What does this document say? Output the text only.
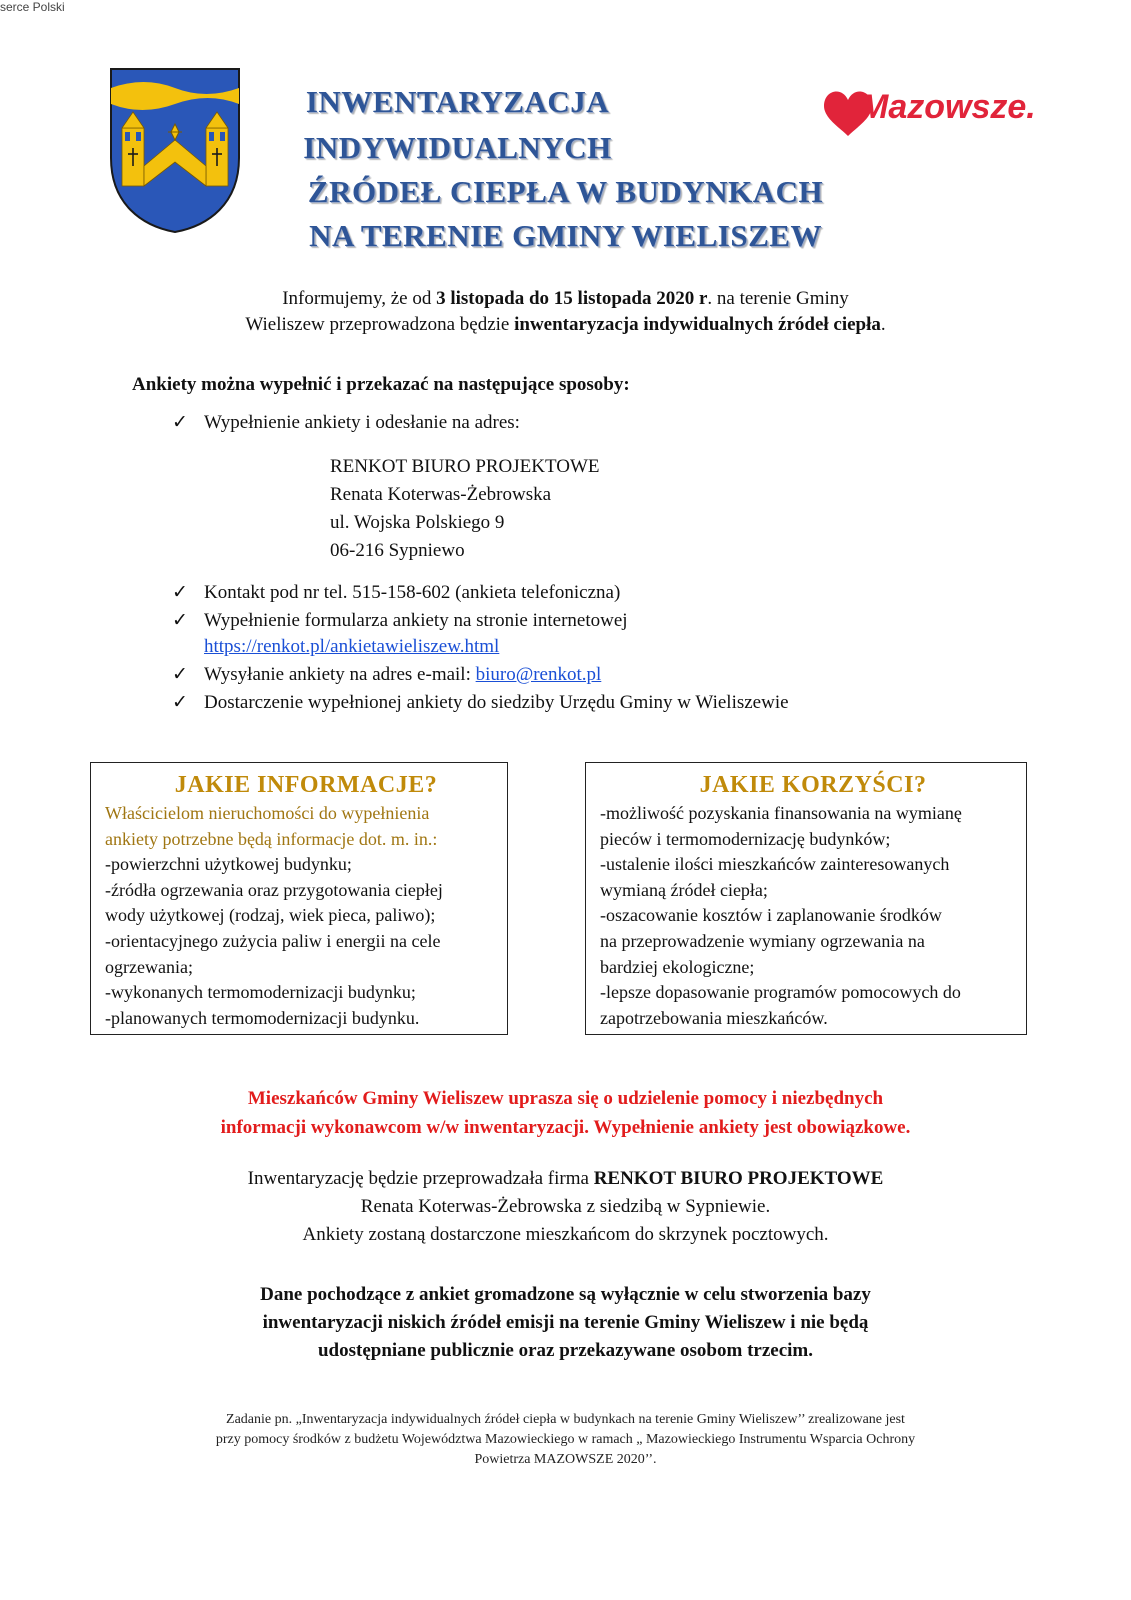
Mazowsze.
serce Polski
INWENTARYZACJA
INDYWIDUALNYCH
ŹRÓDEŁ CIEPŁA W BUDYNKACH
NA TERENIE GMINY WIELISZEW
Informujemy, że od 3 listopada do 15 listopada 2020 r. na terenie Gminy
Wieliszew przeprowadzona będzie inwentaryzacja indywidualnych źródeł ciepła.
Ankiety można wypełnić i przekazać na następujące sposoby:
✓ Wypełnienie ankiety i odesłanie na adres:
RENKOT BIURO PROJEKTOWE
Renata Koterwas-Żebrowska
ul. Wojska Polskiego 9
06-216 Sypniewo
✓ Kontakt pod nr tel. 515-158-602 (ankieta telefoniczna)
✓ Wypełnienie formularza ankiety na stronie internetowej
https://renkot.pl/ankietawieliszew.html
✓ Wysyłanie ankiety na adres e-mail: biuro@renkot.pl
✓ Dostarczenie wypełnionej ankiety do siedziby Urzędu Gminy w Wieliszewie
JAKIE INFORMACJE?
Właścicielom nieruchomości do wypełnienia
ankiety potrzebne będą informacje dot. m. in.:
-powierzchni użytkowej budynku;
-źródła ogrzewania oraz przygotowania ciepłej
wody użytkowej (rodzaj, wiek pieca, paliwo);
-orientacyjnego zużycia paliw i energii na cele
ogrzewania;
-wykonanych termomodernizacji budynku;
-planowanych termomodernizacji budynku.
JAKIE KORZYŚCI?
-możliwość pozyskania finansowania na wymianę
pieców i termomodernizację budynków;
-ustalenie ilości mieszkańców zainteresowanych
wymianą źródeł ciepła;
-oszacowanie kosztów i zaplanowanie środków
na przeprowadzenie wymiany ogrzewania na
bardziej ekologiczne;
-lepsze dopasowanie programów pomocowych do
zapotrzebowania mieszkańców.
Mieszkańców Gminy Wieliszew uprasza się o udzielenie pomocy i niezbędnych
informacji wykonawcom w/w inwentaryzacji. Wypełnienie ankiety jest obowiązkowe.
Inwentaryzację będzie przeprowadzała firma RENKOT BIURO PROJEKTOWE
Renata Koterwas-Żebrowska z siedzibą w Sypniewie.
Ankiety zostaną dostarczone mieszkańcom do skrzynek pocztowych.
Dane pochodzące z ankiet gromadzone są wyłącznie w celu stworzenia bazy
inwentaryzacji niskich źródeł emisji na terenie Gminy Wieliszew i nie będą
udostępniane publicznie oraz przekazywane osobom trzecim.
Zadanie pn. „Inwentaryzacja indywidualnych źródeł ciepła w budynkach na terenie Gminy Wieliszew’’ zrealizowane jest
przy pomocy środków z budżetu Województwa Mazowieckiego w ramach „ Mazowieckiego Instrumentu Wsparcia Ochrony
Powietrza MAZOWSZE 2020’’.
